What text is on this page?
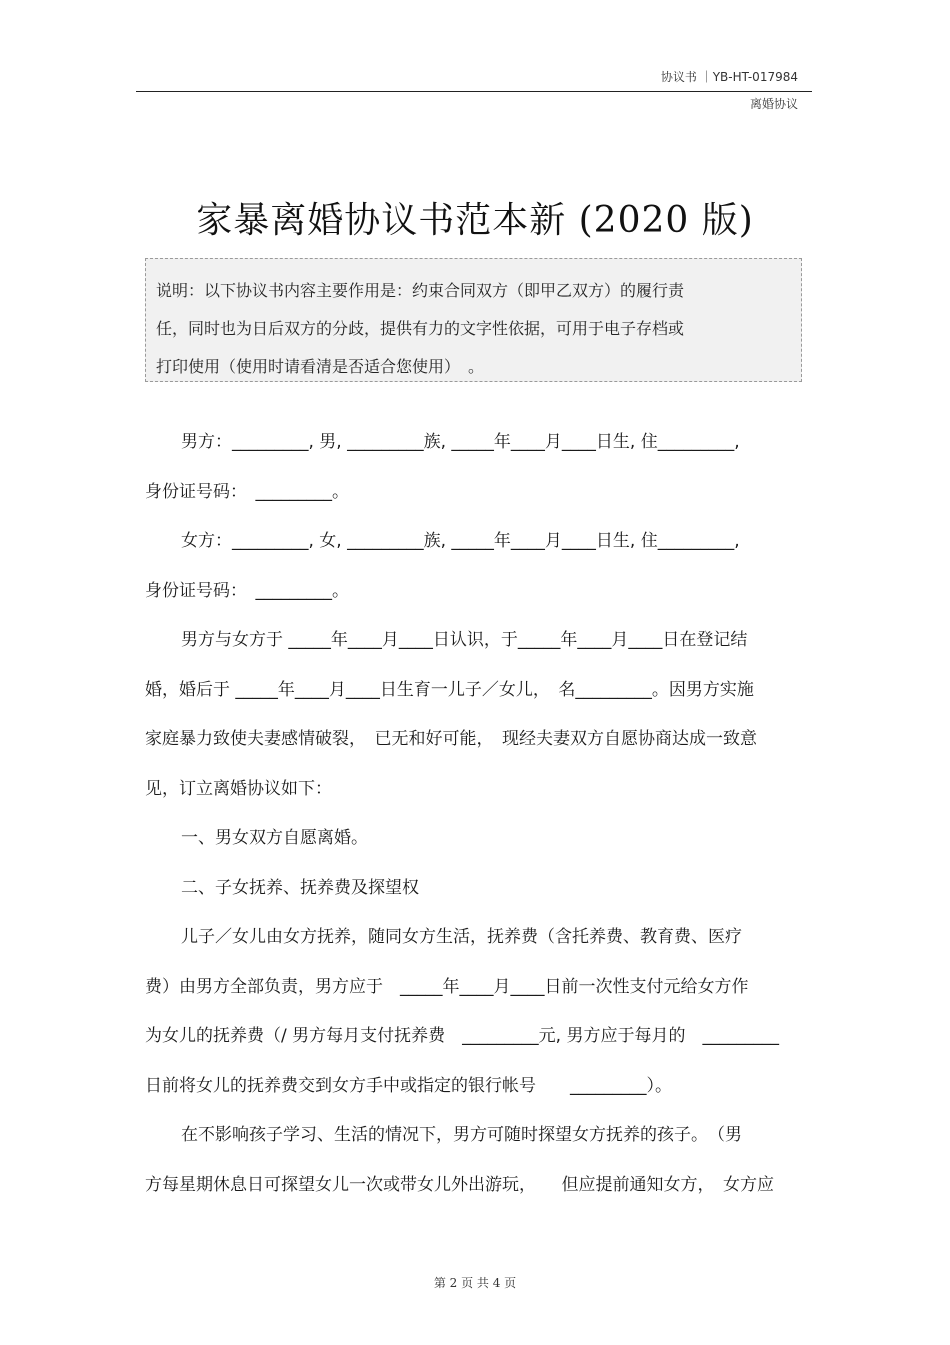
协议书 ｜YB-HT-017984
离婚协议
家暴离婚协议书范本新 (2020 版)

说明：以下协议书内容主要作用是：约束合同双方（即甲乙双方）的履行责

任，同时也为日后双方的分歧，提供有力的文字性依据，可用于电子存档或

打印使用（使用时请看清是否适合您使用）　。

男方：_________, 男, _________族, _____年____月____日生, 住_________,
身份证号码：　_________。
女方：_________, 女, _________族, _____年____月____日生, 住_________,
身份证号码：　_________。
男方与女方于 _____年____月____日认识，于_____年____月____日在登记结
婚，婚后于 _____年____月____日生育一儿子／女儿，　名_________。因男方实施
家庭暴力致使夫妻感情破裂，　已无和好可能，　现经夫妻双方自愿协商达成一致意
见，订立离婚协议如下：
一、男女双方自愿离婚。
二、子女抚养、抚养费及探望权
儿子／女儿由女方抚养，随同女方生活，抚养费（含托养费、教育费、医疗
费）由男方全部负责，男方应于　_____年____月____日前一次性支付元给女方作
为女儿的抚养费（/ 男方每月支付抚养费　_________元, 男方应于每月的　_________
日前将女儿的抚养费交到女方手中或指定的银行帐号　　_________）。
在不影响孩子学习、生活的情况下，男方可随时探望女方抚养的孩子。　（男
方每星期休息日可探望女儿一次或带女儿外出游玩，　　但应提前通知女方，　女方应
第 2 页 共 4 页
